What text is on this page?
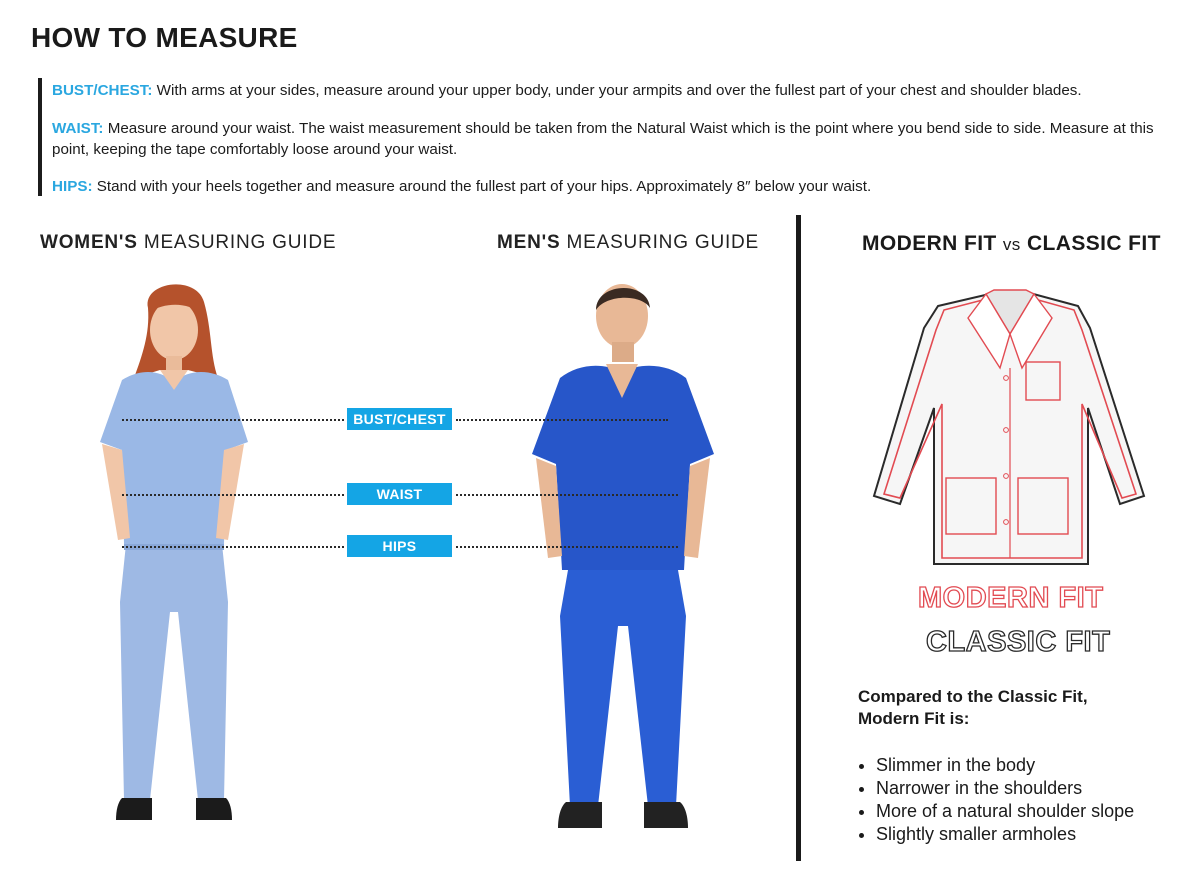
HOW TO MEASURE
BUST/CHEST: With arms at your sides, measure around your upper body, under your armpits and over the fullest part of your chest and shoulder blades.
WAIST: Measure around your waist. The waist measurement should be taken from the Natural Waist which is the point where you bend side to side. Measure at this point, keeping the tape comfortably loose around your waist.
HIPS: Stand with your heels together and measure around the fullest part of your hips. Approximately 8″ below your waist.
WOMEN'S MEASURING GUIDE	MEN'S MEASURING GUIDE
BUST/CHEST
WAIST
HIPS
MODERN FIT vs CLASSIC FIT
MODERN FIT
CLASSIC FIT
Compared to the Classic Fit,
Modern Fit is:
Slimmer in the body
Narrower in the shoulders
More of a natural shoulder slope
Slightly smaller armholes
